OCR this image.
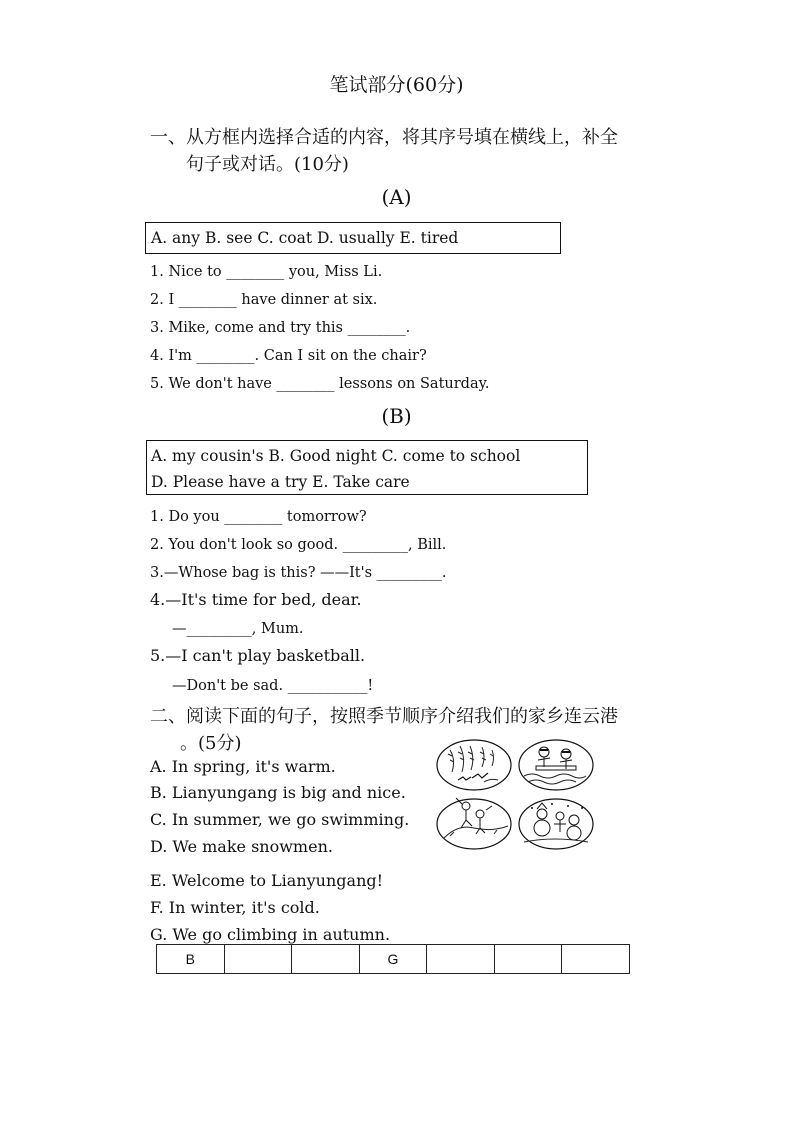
笔试部分(60分)
一、从方框内选择合适的内容，将其序号填在横线上，补全
句子或对话。(10分)
(A)
A. any B. see C. coat D. usually E. tired
1. Nice to ________ you, Miss Li.
2. I ________ have dinner at six.
3. Mike, come and try this ________.
4. I'm ________. Can I sit on the chair?
5. We don't have ________ lessons on Saturday.
(B)
A. my cousin's B. Good night C. come to school
D. Please have a try E. Take care
1. Do you ________ tomorrow?
2. You don't look so good. _________, Bill.
3.—Whose bag is this? ——It's _________.
4.—It's time for bed, dear.
—_________, Mum.
5.—I can't play basketball.
—Don't be sad. ___________!
二、阅读下面的句子，按照季节顺序介绍我们的家乡连云港
。(5分)
A. In spring, it's warm.
B. Lianyungang is big and nice.
C. In summer, we go swimming.
D. We make snowmen.
E. Welcome to Lianyungang!
F. In winter, it's cold.
G. We go climbing in autumn.
B			G			
